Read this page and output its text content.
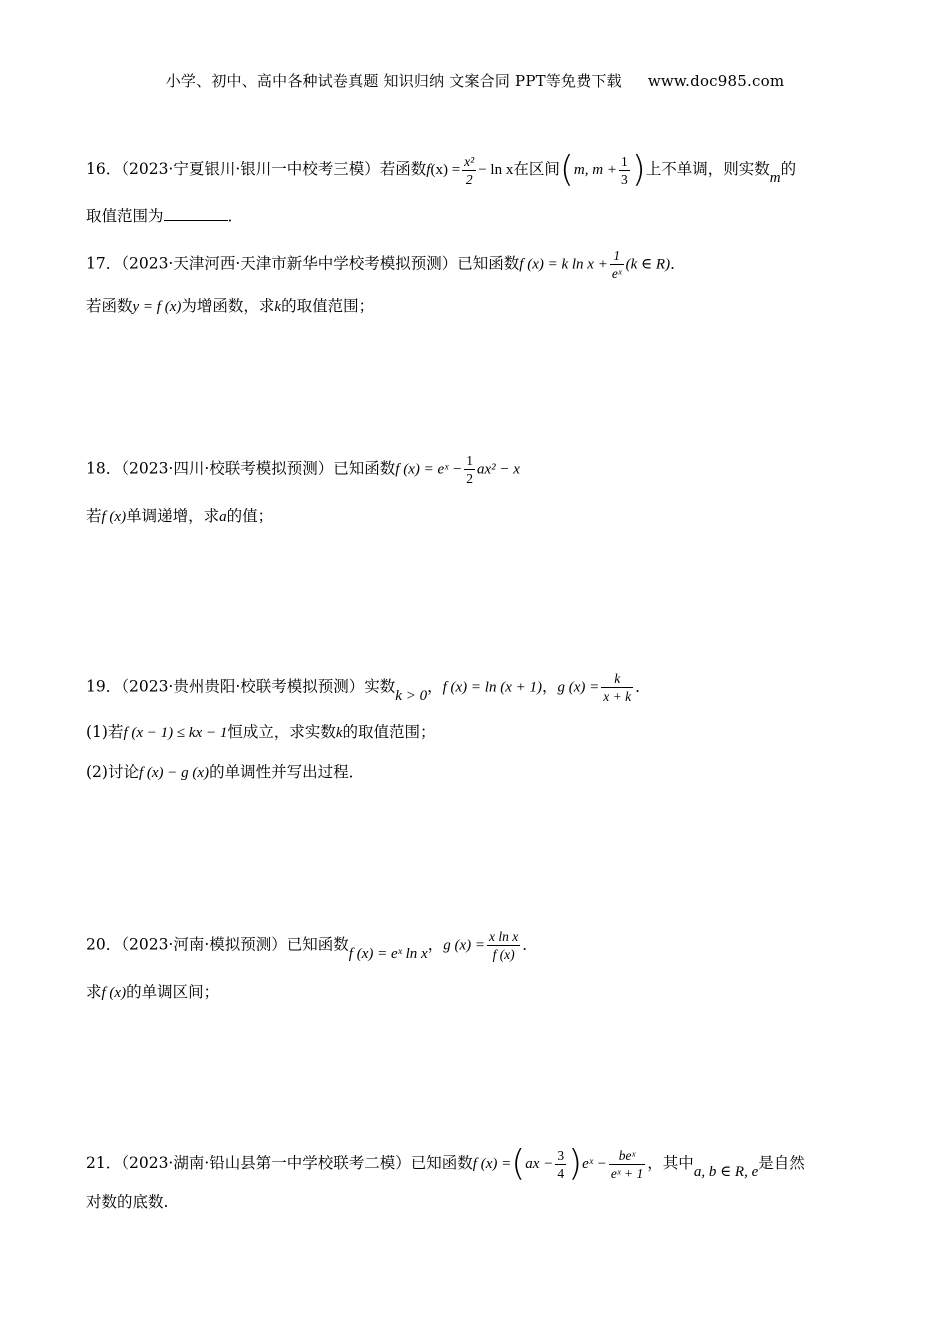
小学、初中、高中各种试卷真题 知识归纳 文案合同 PPT等免费下载 www.doc985.com
16．（2023·宁夏银川·银川一中校考三模）若函数$f(x) = \frac{\text{x²}}{2} - \ln x$在区间(m, $m + \frac{1}{3}$ )上不单调，则实数m的
取值范围为	．
17．（2023·天津河西·天津市新华中学校考模拟预测）已知函数f (x) = k $\ln x + \frac{1}{\text{eˣ}} (k$ ∈ R)．
若函数y = f (x)为增函数，求k的取值范围；
18．（2023·四川·校联考模拟预测）已知函数f (x) = eˣ − $\frac{1}{2} ax^2 - x$
若f (x)单调递增，求a的值；
19．（2023·贵州贵阳·校联考模拟预测）实数k > 0，f (x) = ln (x + 1)，g $(x) = \frac{k}{x + k}$ ．
(1)若f (x − 1) ≤ kx − 1恒成立，求实数k的取值范围；
(2)讨论f (x) − g (x)的单调性并写出过程．
20．（2023·河南·模拟预测）已知函数f (x) = eˣ ln x，g $(x) = \frac{\text{x ln x}}{f (x)}$ ．
求f (x)的单调区间；
21．（2023·湖南·铅山县第一中学校联考二模）已知函数f $(x) =(ax - \frac{3}{4}$ )eˣ − $\frac{\text{beˣ}}{\text{eˣ + 1}}$ ，其中a, b ∈ R, e是自然
对数的底数.
